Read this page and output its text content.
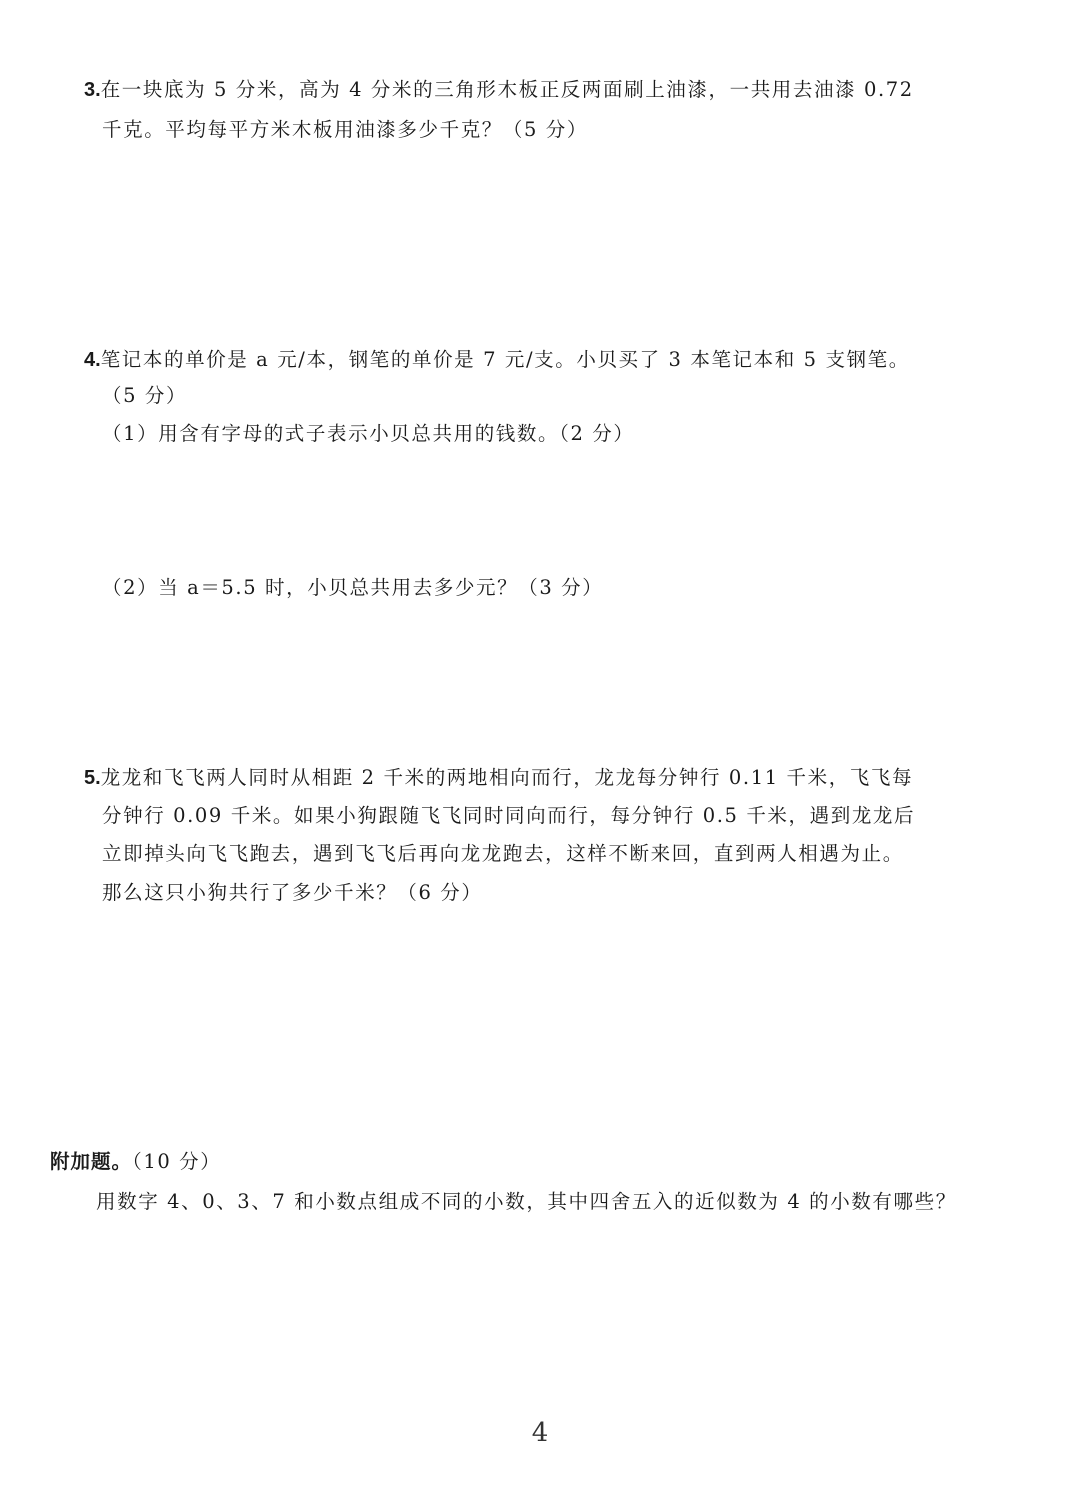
3.在一块底为 5 分米，高为 4 分米的三角形木板正反两面刷上油漆，一共用去油漆 0.72
千克。平均每平方米木板用油漆多少千克？（5 分）
4.笔记本的单价是 a 元/本，钢笔的单价是 7 元/支。小贝买了 3 本笔记本和 5 支钢笔。
（5 分）
（1）用含有字母的式子表示小贝总共用的钱数。（2 分）
（2）当 a＝5.5 时，小贝总共用去多少元？（3 分）
5.龙龙和飞飞两人同时从相距 2 千米的两地相向而行，龙龙每分钟行 0.11 千米，飞飞每
分钟行 0.09 千米。如果小狗跟随飞飞同时同向而行，每分钟行 0.5 千米，遇到龙龙后
立即掉头向飞飞跑去，遇到飞飞后再向龙龙跑去，这样不断来回，直到两人相遇为止。
那么这只小狗共行了多少千米？（6 分）
附加题。（10 分）
用数字 4、0、3、7 和小数点组成不同的小数，其中四舍五入的近似数为 4 的小数有哪些？
4
